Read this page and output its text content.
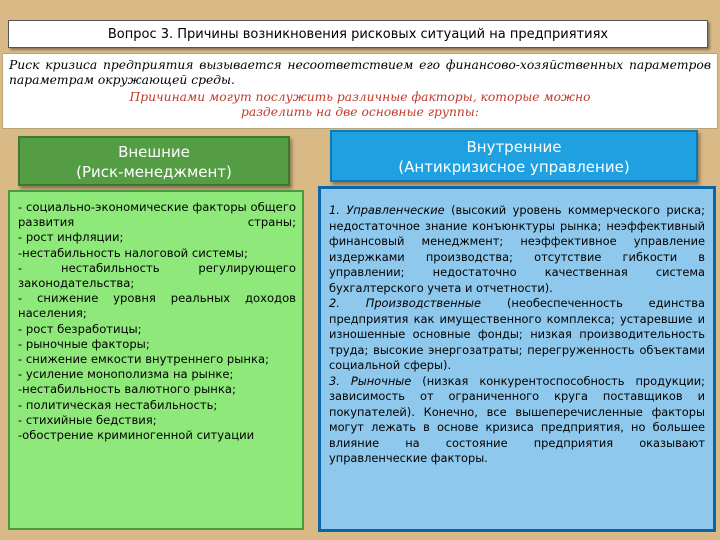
Вопрос 3. Причины возникновения рисковых ситуаций на предприятиях
Риск кризиса предприятия вызывается несоответствием его финансово-хозяйственных параметров параметрам окружающей среды.
Причинами могут послужить различные факторы, которые можно разделить на две основные группы:
Внешние
(Риск-менеджмент)
Внутренние
(Антикризисное управление)
- социально-экономические факторы общего развития страны;
- рост инфляции;
-нестабильность налоговой системы;
- нестабильность регулирующего законодательства;
- снижение уровня реальных доходов населения;
- рост безработицы;
- рыночные факторы;
- снижение емкости внутреннего рынка;
- усиление монополизма на рынке;
-нестабильность валютного рынка;
- политическая нестабильность;
- стихийные бедствия;
-обострение криминогенной ситуации
1. Управленческие (высокий уровень коммерческого риска; недостаточное знание конъюнктуры рынка; неэффективный финансовый менеджмент; неэффективное управление издержками производства; отсутствие гибкости в управлении; недостаточно качественная система бухгалтерского учета и отчетности).
2. Производственные (необеспеченность единства предприятия как имущественного комплекса; устаревшие и изношенные основные фонды; низкая производительность труда; высокие энергозатраты; перегруженность объектами социальной сферы).
3. Рыночные (низкая конкурентоспособность продукции; зависимость от ограниченного круга поставщиков и покупателей). Конечно, все вышеперечисленные факторы могут лежать в основе кризиса предприятия, но большее влияние на состояние предприятия оказывают управленческие факторы.
